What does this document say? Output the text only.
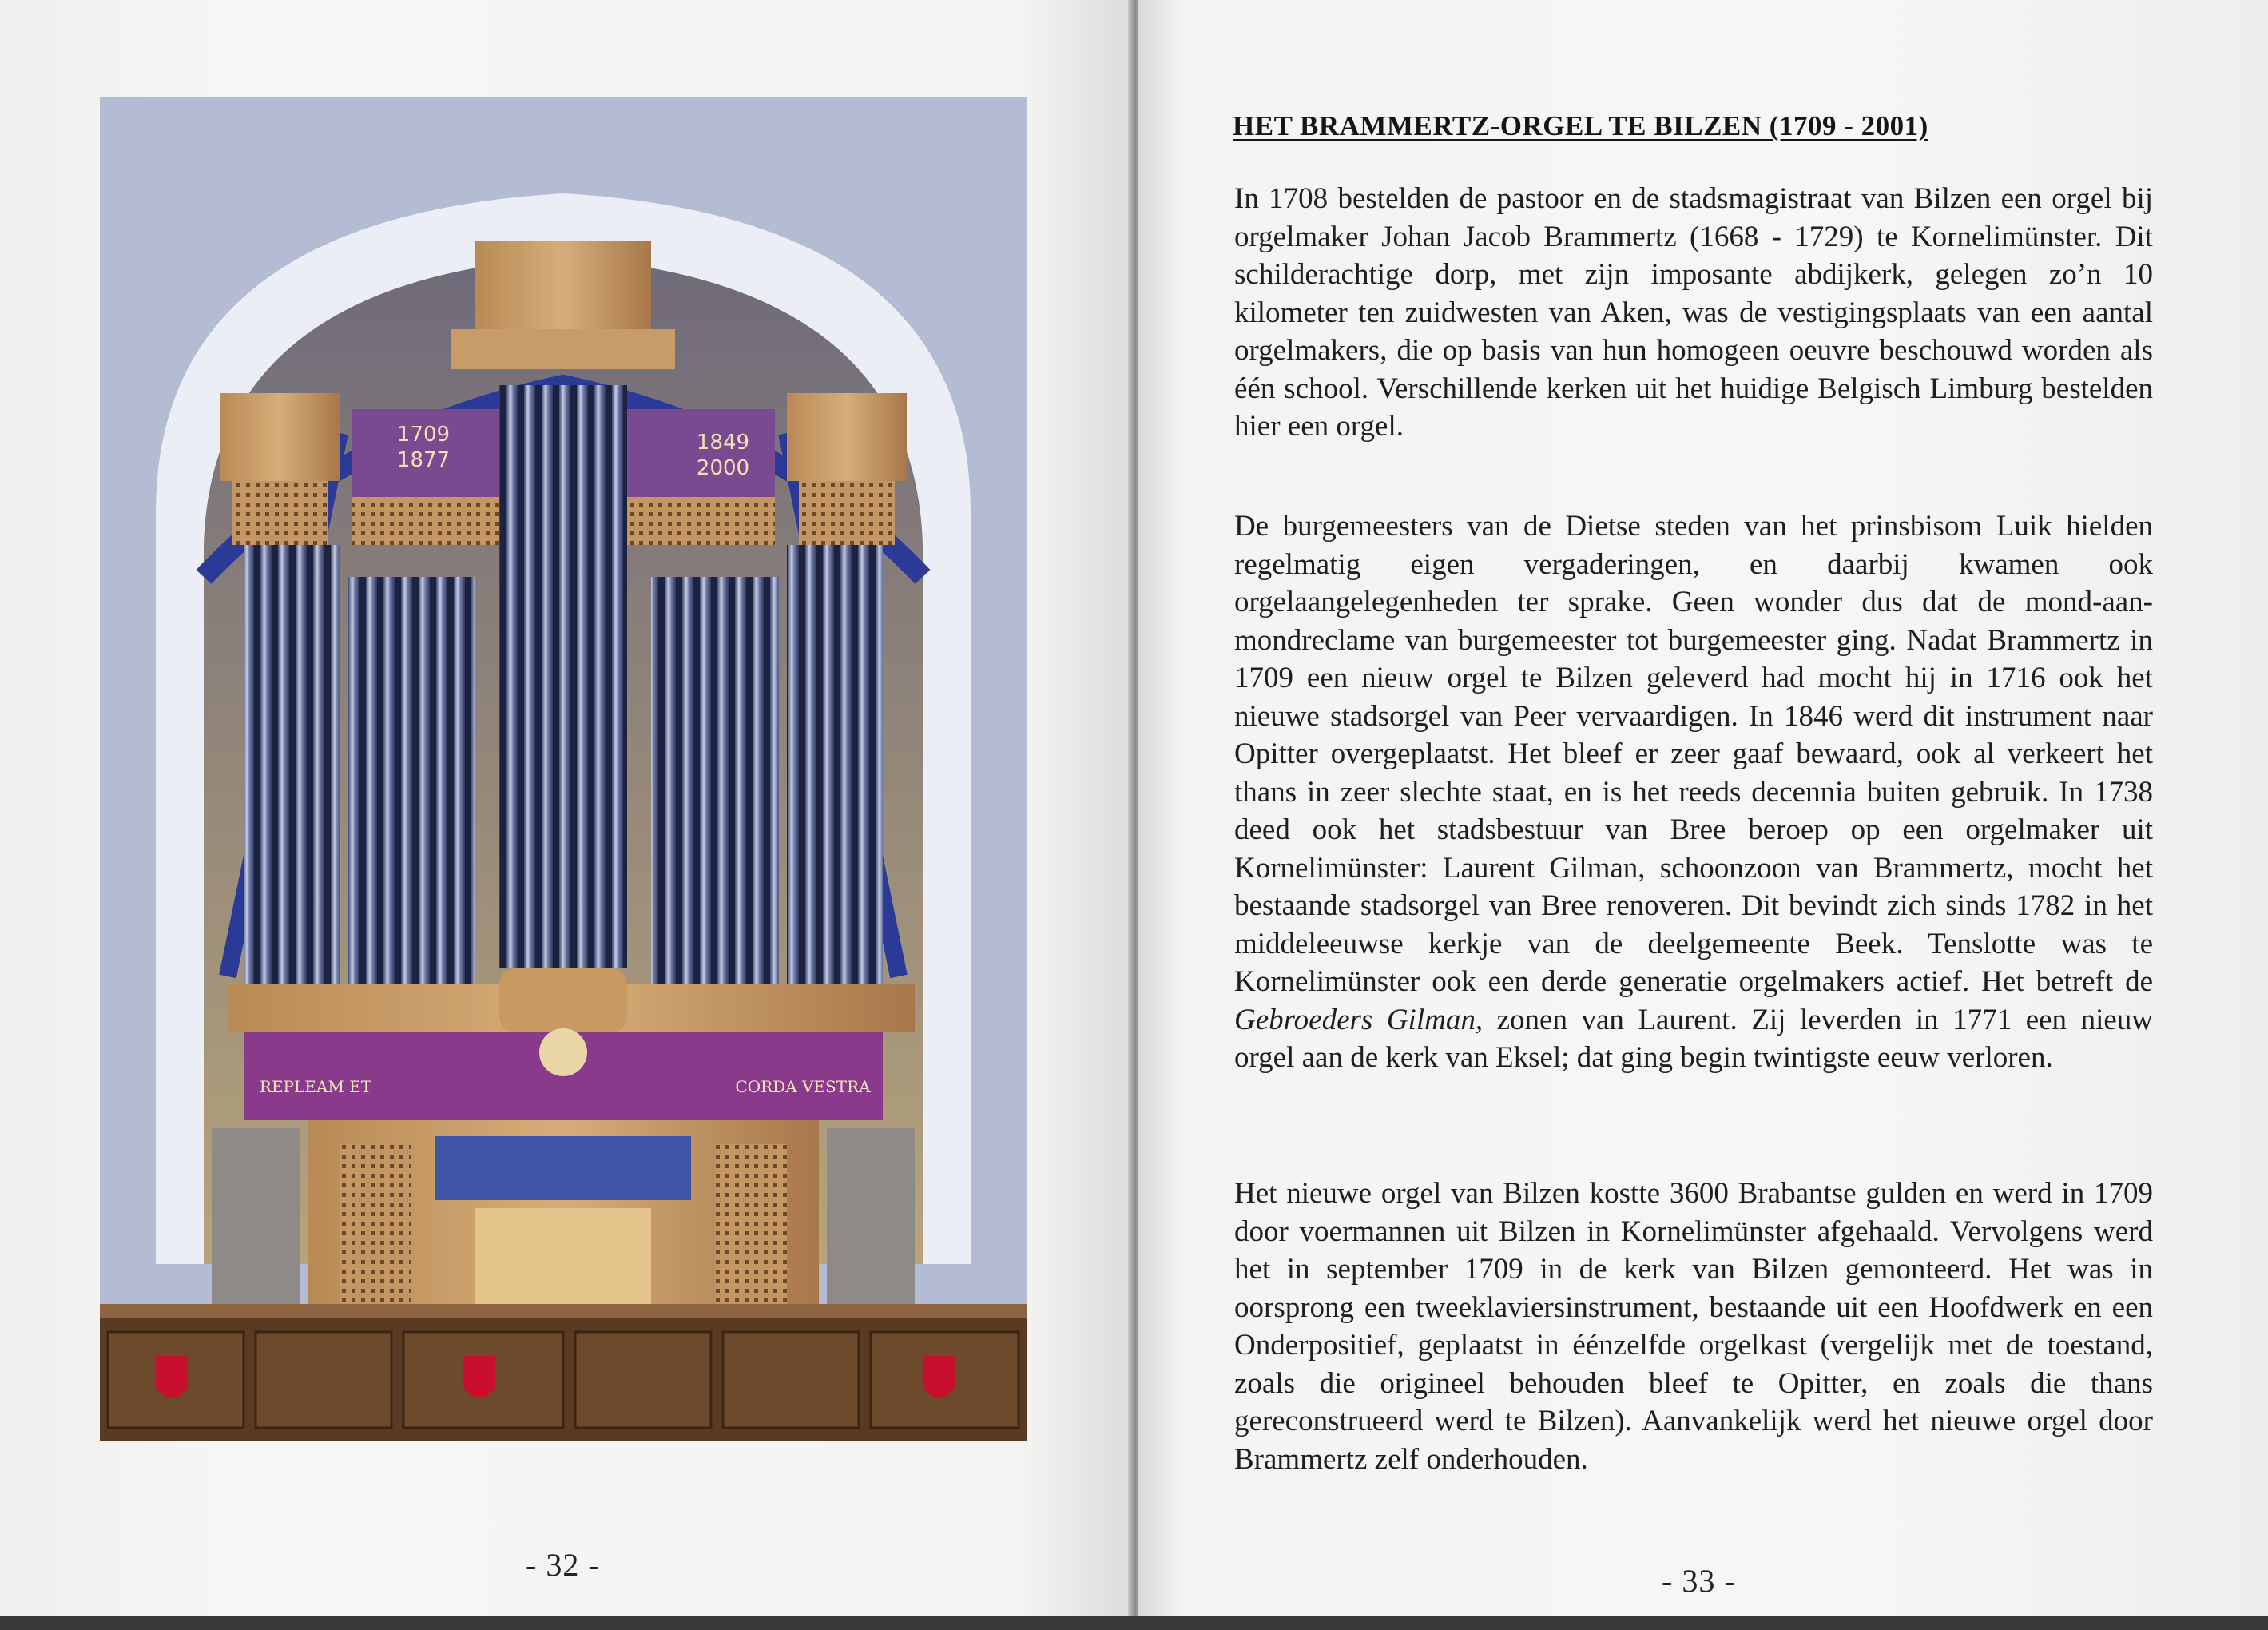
1709
1877
1849
2000
REPLEAM ET	CORDA VESTRA
- 32 -
HET BRAMMERTZ-ORGEL TE BILZEN (1709 - 2001)

In 1708 bestelden de pastoor en de stadsmagistraat van Bilzen een orgel bij orgelmaker Johan Jacob Brammertz (1668 - 1729) te Kornelimünster. Dit schilderachtige dorp, met zijn imposante abdijkerk, gelegen zo’n 10 kilometer ten zuidwesten van Aken, was de vestigingsplaats van een aantal orgelmakers, die op basis van hun homogeen oeuvre beschouwd worden als één school. Verschillende kerken uit het huidige Belgisch Limburg bestelden hier een orgel.

De burgemeesters van de Dietse steden van het prinsbisom Luik hielden regelmatig eigen vergaderingen, en daarbij kwamen ook orgelaangelegenheden ter sprake. Geen wonder dus dat de mond-aan-mondreclame van burgemeester tot burgemeester ging. Nadat Brammertz in 1709 een nieuw orgel te Bilzen geleverd had mocht hij in 1716 ook het nieuwe stadsorgel van Peer vervaardigen. In 1846 werd dit instrument naar Opitter overgeplaatst. Het bleef er zeer gaaf bewaard, ook al verkeert het thans in zeer slechte staat, en is het reeds decennia buiten gebruik. In 1738 deed ook het stadsbestuur van Bree beroep op een orgelmaker uit Kornelimünster: Laurent Gilman, schoonzoon van Brammertz, mocht het bestaande stadsorgel van Bree renoveren. Dit bevindt zich sinds 1782 in het middeleeuwse kerkje van de deelgemeente Beek. Tenslotte was te Kornelimünster ook een derde generatie orgelmakers actief. Het betreft de Gebroeders Gilman, zonen van Laurent. Zij leverden in 1771 een nieuw orgel aan de kerk van Eksel; dat ging begin twintigste eeuw verloren.

Het nieuwe orgel van Bilzen kostte 3600 Brabantse gulden en werd in 1709 door voermannen uit Bilzen in Kornelimünster afgehaald. Vervolgens werd het in september 1709 in de kerk van Bilzen gemonteerd. Het was in oorsprong een tweeklaviersinstrument, bestaande uit een Hoofdwerk en een Onderpositief, geplaatst in éénzelfde orgelkast (vergelijk met de toestand, zoals die origineel behouden bleef te Opitter, en zoals die thans gereconstrueerd werd te Bilzen). Aanvankelijk werd het nieuwe orgel door Brammertz zelf onderhouden.

- 33 -
